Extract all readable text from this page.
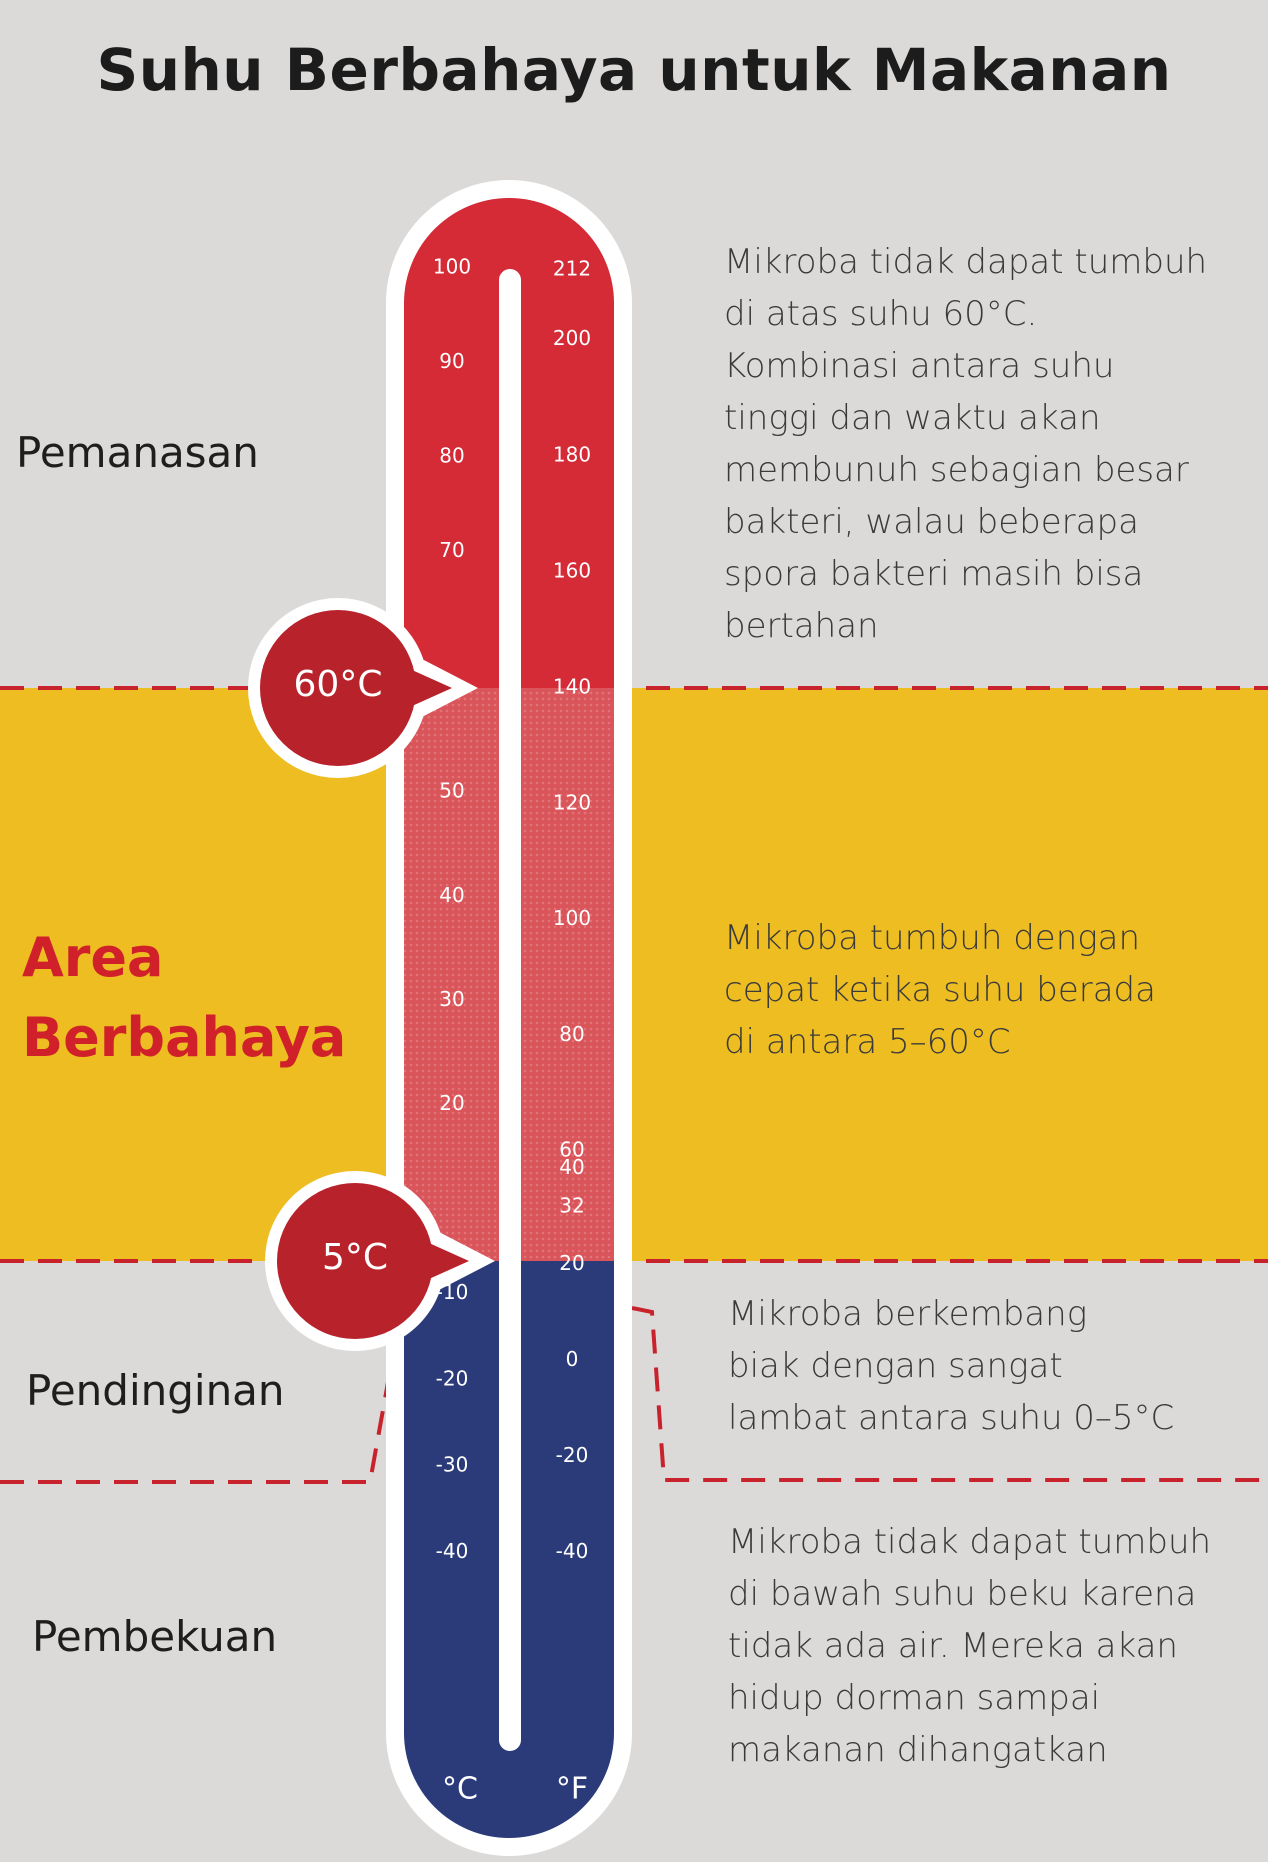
Suhu Berbahaya untuk Makanan
100
90
80
70
50
40
30
20
-10
-20
-30
-40
212
200
180
160
140
120
100
80
60
40
32
20
0
-20
-40
°C	°F
60°C
5°C
Pemanasan
Area
Berbahaya
Pendinginan
Pembekuan
Mikroba tidak dapat tumbuh
di atas suhu 60°C.
Kombinasi antara suhu
tinggi dan waktu akan
membunuh sebagian besar
bakteri, walau beberapa
spora bakteri masih bisa
bertahan
Mikroba tumbuh dengan
cepat ketika suhu berada
di antara 5–60°C
Mikroba berkembang
biak dengan sangat
lambat antara suhu 0–5°C
Mikroba tidak dapat tumbuh
di bawah suhu beku karena
tidak ada air. Mereka akan
hidup dorman sampai
makanan dihangatkan
